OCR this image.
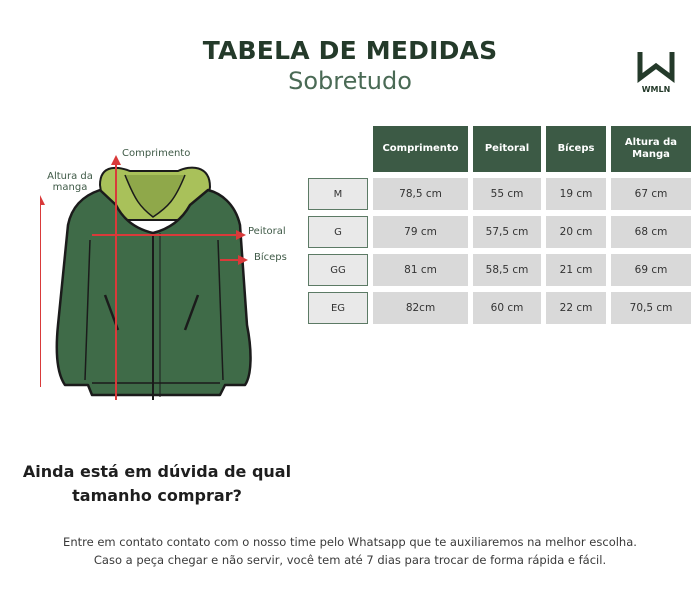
TABELA DE MEDIDAS
Sobretudo	WMLN
Comprimento
Altura da manga
Peitoral
Bíceps
	Comprimento	Peitoral	Bíceps	Altura da Manga
M	78,5 cm	55 cm	19 cm	67 cm
G	79 cm	57,5 cm	20 cm	68 cm
GG	81 cm	58,5 cm	21 cm	69 cm
EG	82cm	60 cm	22 cm	70,5 cm
Ainda está em dúvida de qual tamanho comprar?
Entre em contato contato com o nosso time pelo Whatsapp que te auxiliaremos na melhor escolha.
Caso a peça chegar e não servir, você tem até 7 dias para trocar de forma rápida e fácil.
